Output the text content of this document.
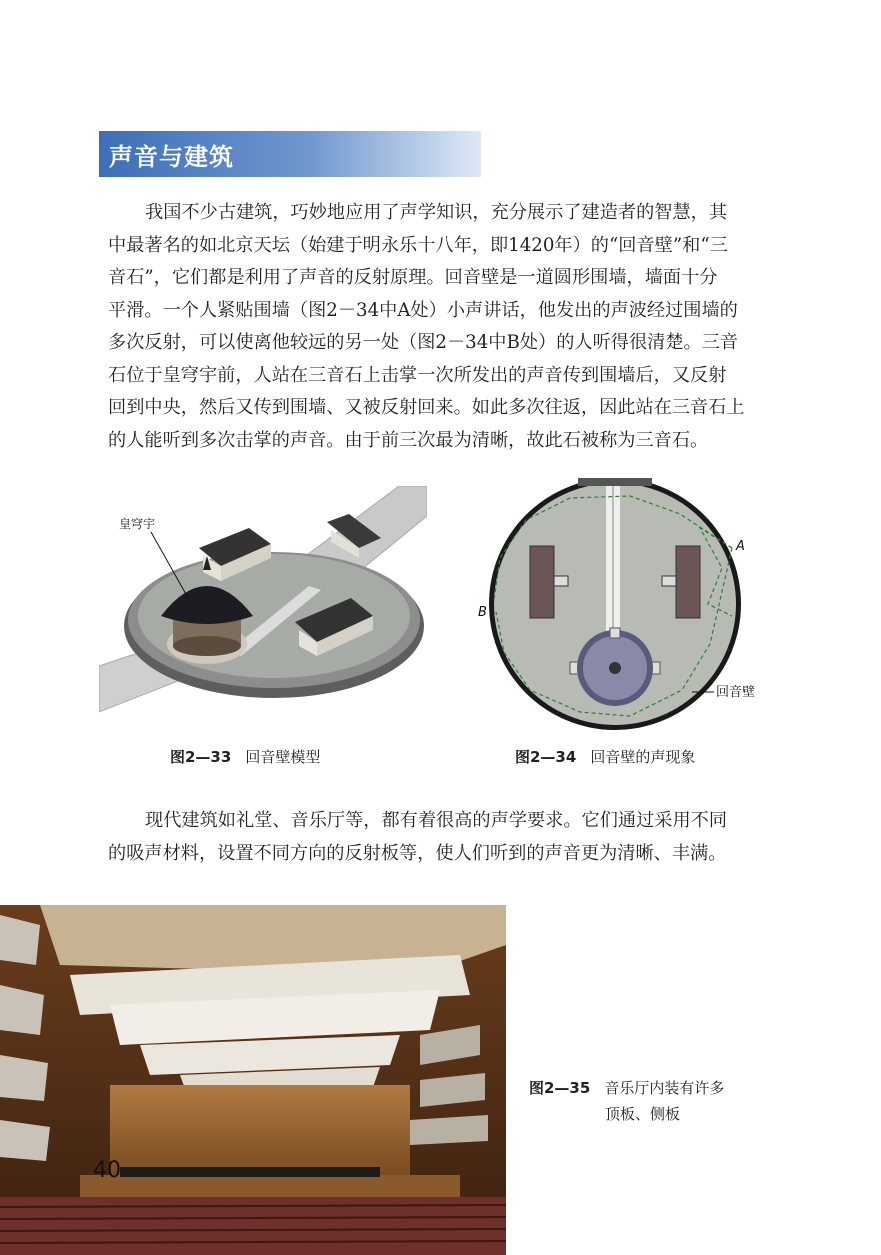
声音与建筑
我国不少古建筑，巧妙地应用了声学知识，充分展示了建造者的智慧，其
中最著名的如北京天坛（始建于明永乐十八年，即1420年）的“回音壁”和“三
音石”，它们都是利用了声音的反射原理。回音壁是一道圆形围墙，墙面十分
平滑。一个人紧贴围墙（图2－34中A处）小声讲话，他发出的声波经过围墙的
多次反射，可以使离他较远的另一处（图2－34中B处）的人听得很清楚。三音
石位于皇穹宇前，人站在三音石上击掌一次所发出的声音传到围墙后，又反射
回到中央，然后又传到围墙、又被反射回来。如此多次往返，因此站在三音石上
的人能听到多次击掌的声音。由于前三次最为清晰，故此石被称为三音石。
皇穹宇
图2—33 回音壁模型
A
B
回音壁
图2—34 回音壁的声现象
现代建筑如礼堂、音乐厅等，都有着很高的声学要求。它们通过采用不同
的吸声材料，设置不同方向的反射板等，使人们听到的声音更为清晰、丰满。
40
图2—35 音乐厅内装有许多
顶板、侧板
